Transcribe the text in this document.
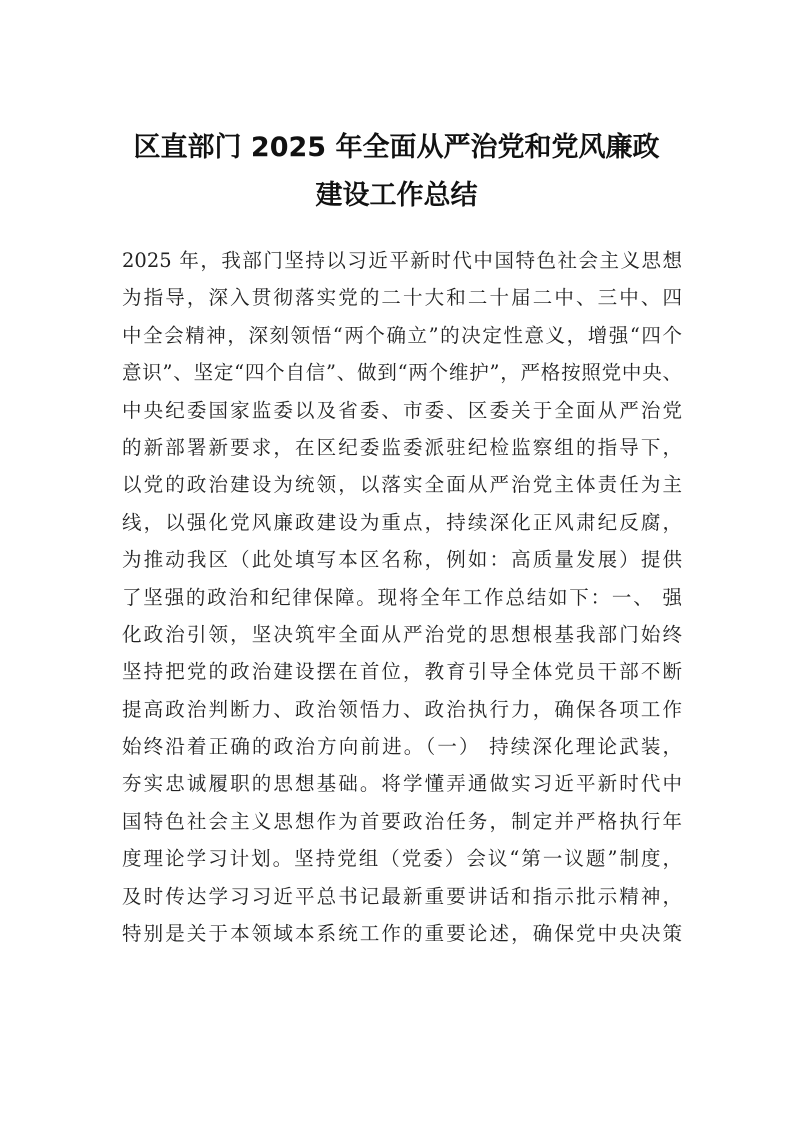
区直部门 2025 年全面从严治党和党风廉政
建设工作总结
2025 年，我部门坚持以习近平新时代中国特色社会主义思想
为指导，深入贯彻落实党的二十大和二十届二中、三中、四
中全会精神，深刻领悟“两个确立”的决定性意义，增强“四个
意识”、坚定“四个自信”、做到“两个维护”，严格按照党中央、
中央纪委国家监委以及省委、市委、区委关于全面从严治党
的新部署新要求，在区纪委监委派驻纪检监察组的指导下，
以党的政治建设为统领，以落实全面从严治党主体责任为主
线，以强化党风廉政建设为重点，持续深化正风肃纪反腐，
为推动我区（此处填写本区名称，例如：高质量发展）提供
了坚强的政治和纪律保障。现将全年工作总结如下：一、 强
化政治引领，坚决筑牢全面从严治党的思想根基我部门始终
坚持把党的政治建设摆在首位，教育引导全体党员干部不断
提高政治判断力、政治领悟力、政治执行力，确保各项工作
始终沿着正确的政治方向前进。（一） 持续深化理论武装，
夯实忠诚履职的思想基础。将学懂弄通做实习近平新时代中
国特色社会主义思想作为首要政治任务，制定并严格执行年
度理论学习计划。坚持党组（党委）会议“第一议题”制度，
及时传达学习习近平总书记最新重要讲话和指示批示精神，
特别是关于本领域本系统工作的重要论述，确保党中央决策
